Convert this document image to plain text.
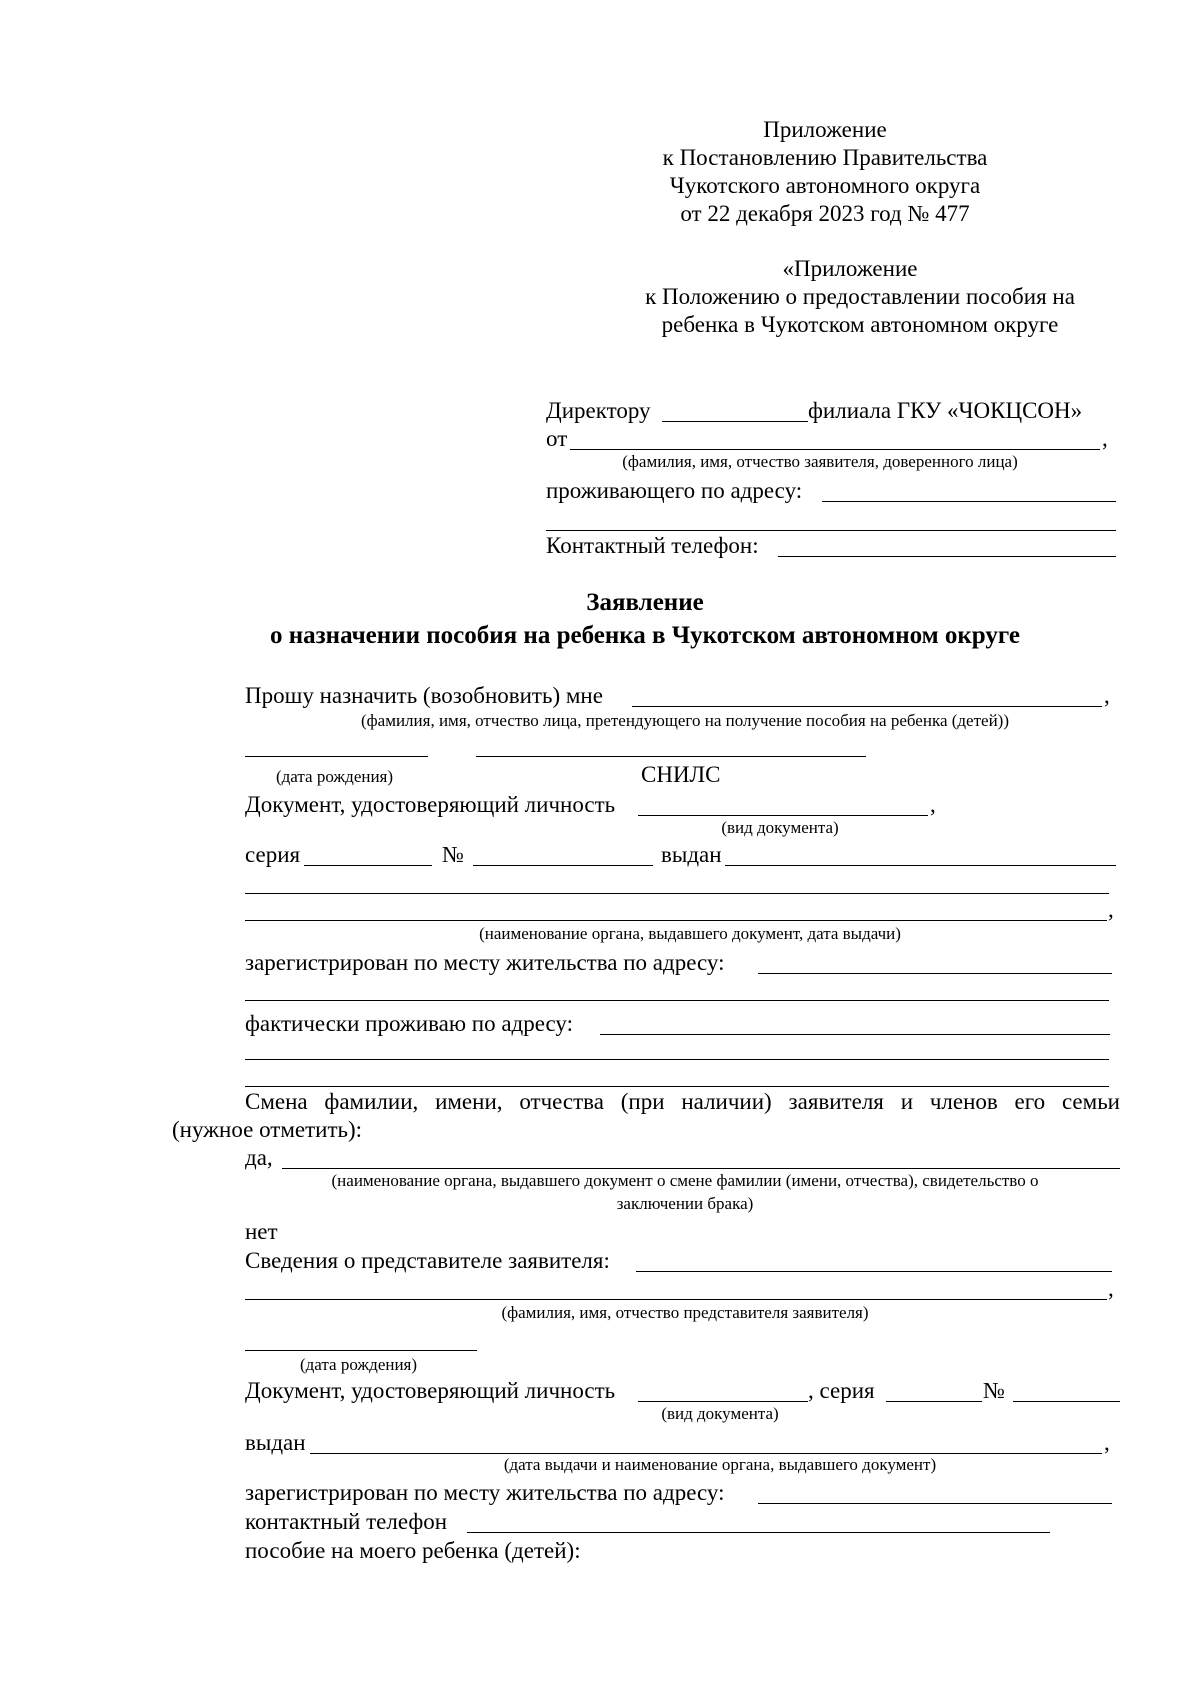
Приложение
к Постановлению Правительства
Чукотского автономного округа
от 22 декабря 2023 год № 477
«Приложение
к Положению о предоставлении пособия на
ребенка в Чукотском автономном округе
Директору	филиала ГКУ «ЧОКЦСОН»
от	,
(фамилия, имя, отчество заявителя, доверенного лица)
проживающего по адресу:
Контактный телефон:
Заявление
о назначении пособия на ребенка в Чукотском автономном округе
Прошу назначить (возобновить) мне	,
(фамилия, имя, отчество лица, претендующего на получение пособия на ребенка (детей))
(дата рождения)	СНИЛС
Документ, удостоверяющий личность	,
(вид документа)
серия	№	выдан
,
(наименование органа, выдавшего документ, дата выдачи)
зарегистрирован по месту жительства по адресу:
фактически проживаю по адресу:
Смена фамилии, имени, отчества (при наличии) заявителя и членов его семьи
(нужное отметить):
да,
(наименование органа, выдавшего документ о смене фамилии (имени, отчества), свидетельство о
заключении брака)
нет
Сведения о представителе заявителя:
,
(фамилия, имя, отчество представителя заявителя)
(дата рождения)
Документ, удостоверяющий личность	, серия	№
(вид документа)
выдан	,
(дата выдачи и наименование органа, выдавшего документ)
зарегистрирован по месту жительства по адресу:
контактный телефон
пособие на моего ребенка (детей):
